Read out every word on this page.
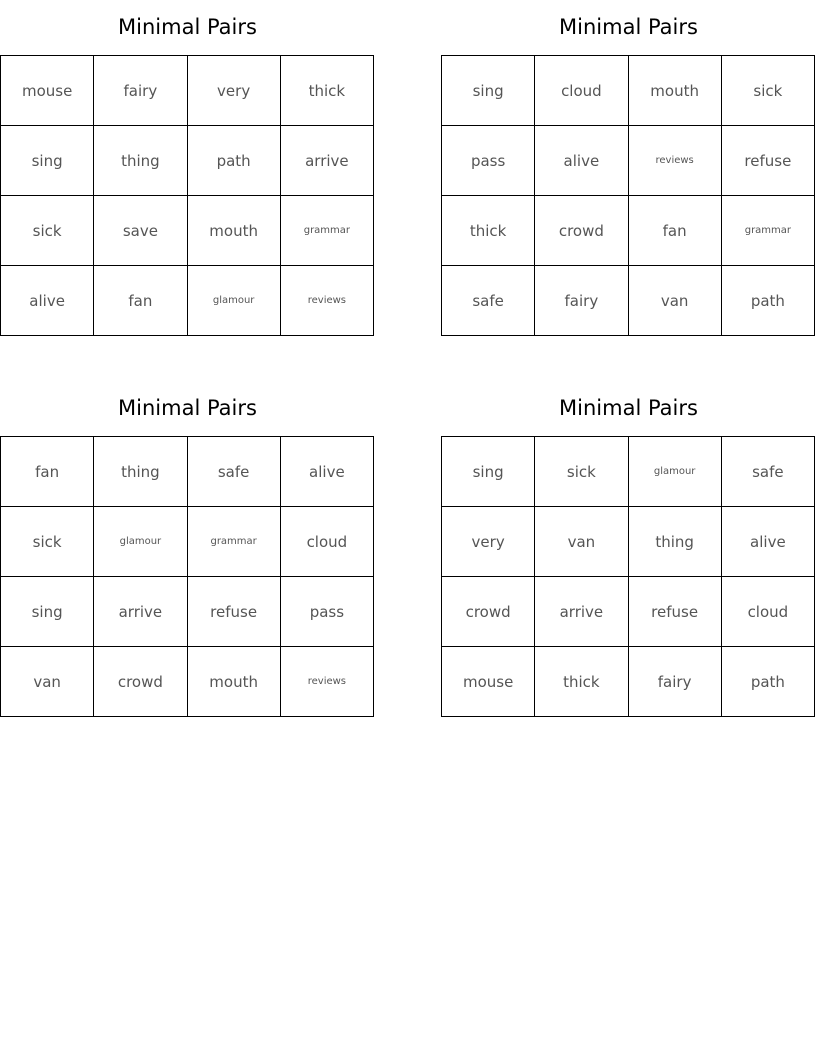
Minimal Pairs
mouse	fairy	very	thick
sing	thing	path	arrive
sick	save	mouth	grammar
alive	fan	glamour	reviews
Minimal Pairs
sing	cloud	mouth	sick
pass	alive	reviews	refuse
thick	crowd	fan	grammar
safe	fairy	van	path
Minimal Pairs
fan	thing	safe	alive
sick	glamour	grammar	cloud
sing	arrive	refuse	pass
van	crowd	mouth	reviews
Minimal Pairs
sing	sick	glamour	safe
very	van	thing	alive
crowd	arrive	refuse	cloud
mouse	thick	fairy	path
